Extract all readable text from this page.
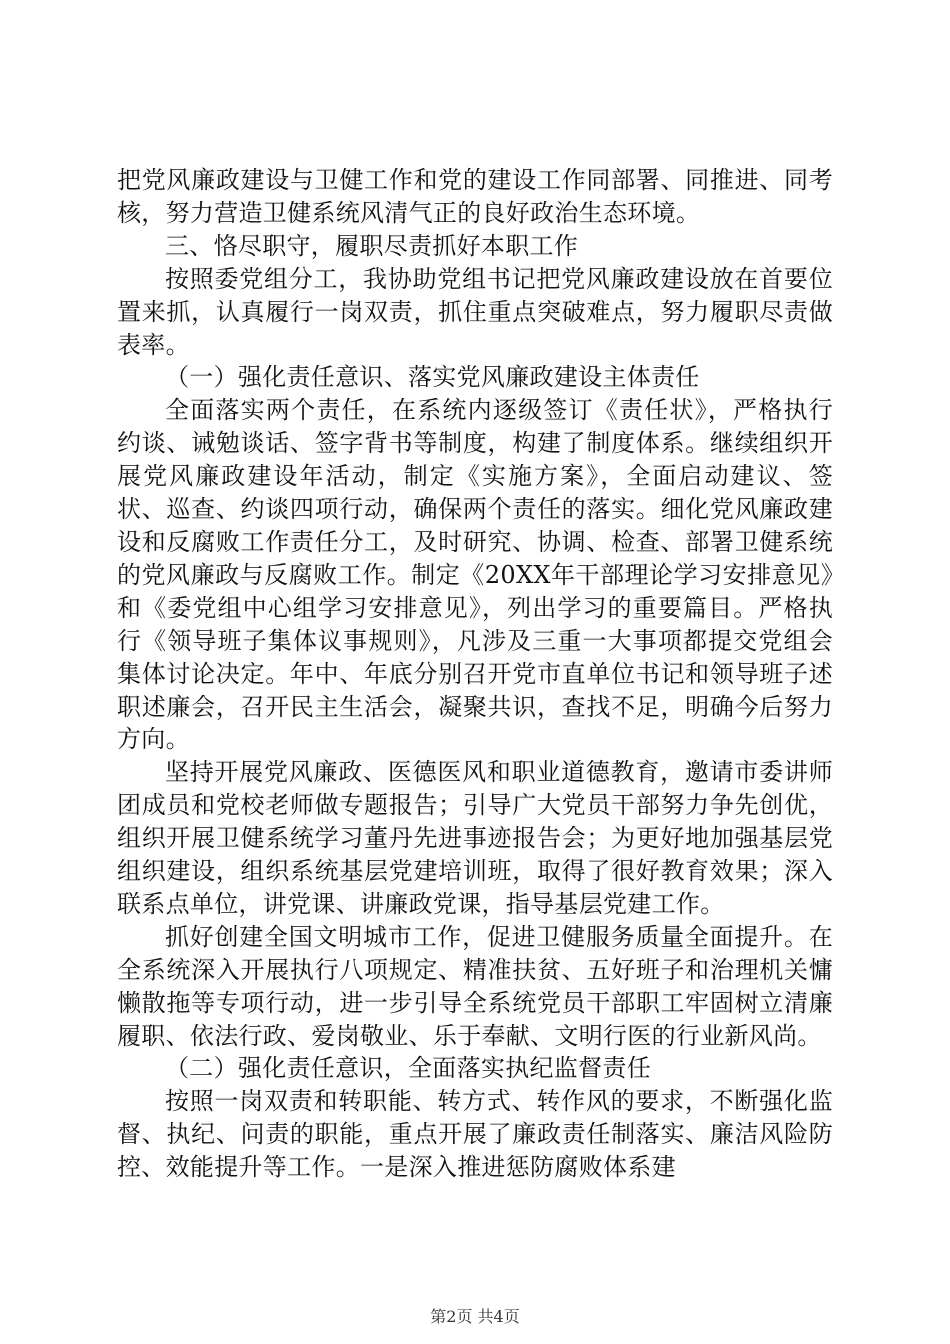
把党风廉政建设与卫健工作和党的建设工作同部署、同推进、同考核，努力营造卫健系统风清气正的良好政治生态环境。

三、恪尽职守，履职尽责抓好本职工作

按照委党组分工，我协助党组书记把党风廉政建设放在首要位置来抓，认真履行一岗双责，抓住重点突破难点，努力履职尽责做表率。

（一）强化责任意识、落实党风廉政建设主体责任

全面落实两个责任，在系统内逐级签订《责任状》，严格执行约谈、诫勉谈话、签字背书等制度，构建了制度体系。继续组织开展党风廉政建设年活动，制定《实施方案》，全面启动建议、签状、巡查、约谈四项行动，确保两个责任的落实。细化党风廉政建设和反腐败工作责任分工，及时研究、协调、检查、部署卫健系统的党风廉政与反腐败工作。制定《20XX年干部理论学习安排意见》和《委党组中心组学习安排意见》，列出学习的重要篇目。严格执行《领导班子集体议事规则》，凡涉及三重一大事项都提交党组会集体讨论决定。年中、年底分别召开党市直单位书记和领导班子述职述廉会，召开民主生活会，凝聚共识，查找不足，明确今后努力方向。

坚持开展党风廉政、医德医风和职业道德教育，邀请市委讲师团成员和党校老师做专题报告；引导广大党员干部努力争先创优，组织开展卫健系统学习董丹先进事迹报告会；为更好地加强基层党组织建设，组织系统基层党建培训班，取得了很好教育效果；深入联系点单位，讲党课、讲廉政党课，指导基层党建工作。

抓好创建全国文明城市工作，促进卫健服务质量全面提升。在全系统深入开展执行八项规定、精准扶贫、五好班子和治理机关慵懒散拖等专项行动，进一步引导全系统党员干部职工牢固树立清廉履职、依法行政、爱岗敬业、乐于奉献、文明行医的行业新风尚。

（二）强化责任意识，全面落实执纪监督责任

按照一岗双责和转职能、转方式、转作风的要求，不断强化监督、执纪、问责的职能，重点开展了廉政责任制落实、廉洁风险防控、效能提升等工作。一是深入推进惩防腐败体系建

第2页 共4页
